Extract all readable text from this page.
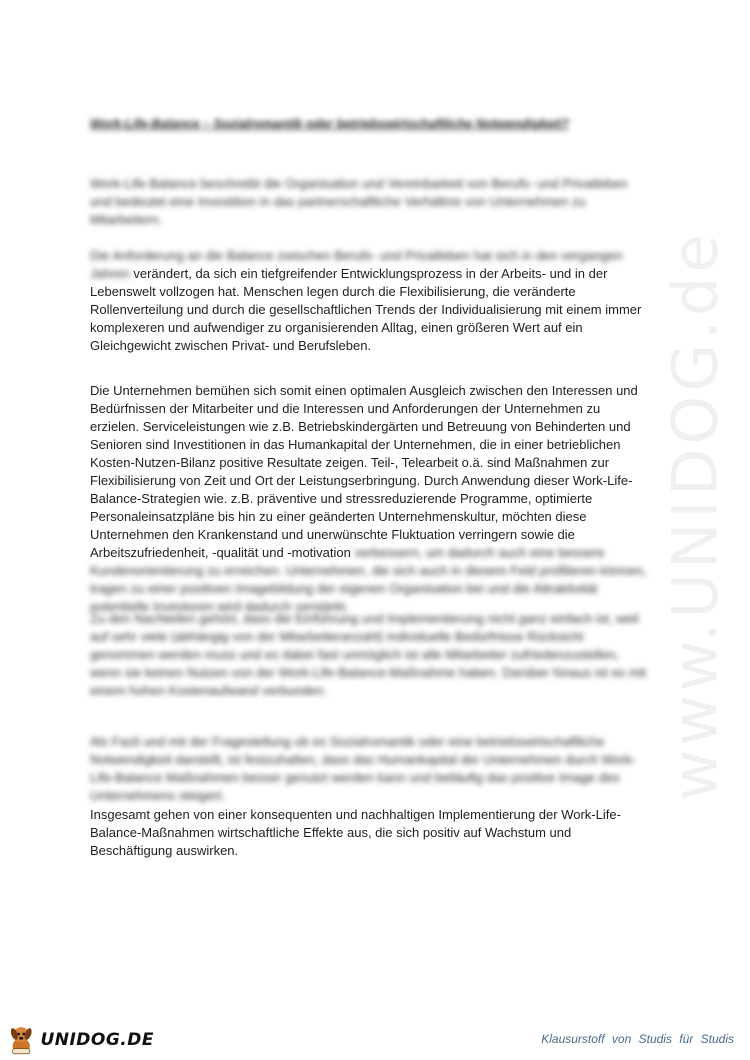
www.UNIDOG.de
Work-Life-Balance – Sozialromantik oder betriebswirtschaftliche Notwendigkeit?

Work-Life-Balance beschreibt die Organisation und Vereinbarkeit von Berufs- und Privatleben und bedeutet eine Investition in das partnerschaftliche Verhältnis von Unternehmen zu Mitarbeitern.

Die Anforderung an die Balance zwischen Berufs- und Privatleben hat sich in den vergangen Jahren verändert, da sich ein tiefgreifender Entwicklungsprozess in der Arbeits- und in der Lebenswelt vollzogen hat. Menschen legen durch die Flexibilisierung, die veränderte Rollenverteilung und durch die gesellschaftlichen Trends der Individualisierung mit einem immer komplexeren und aufwendiger zu organisierenden Alltag, einen größeren Wert auf ein Gleichgewicht zwischen Privat- und Berufsleben.

Die Unternehmen bemühen sich somit einen optimalen Ausgleich zwischen den Interessen und Bedürfnissen der Mitarbeiter und die Interessen und Anforderungen der Unternehmen zu erzielen. Serviceleistungen wie z.B. Betriebskindergärten und Betreuung von Behinderten und Senioren sind Investitionen in das Humankapital der Unternehmen, die in einer betrieblichen Kosten-Nutzen-Bilanz positive Resultate zeigen. Teil-, Telearbeit o.ä. sind Maßnahmen zur Flexibilisierung von Zeit und Ort der Leistungserbringung. Durch Anwendung dieser Work-Life-Balance-Strategien wie. z.B. präventive und stressreduzierende Programme, optimierte Personaleinsatzpläne bis hin zu einer geänderten Unternehmenskultur, möchten diese Unternehmen den Krankenstand und unerwünschte Fluktuation verringern sowie die Arbeitszufriedenheit, -qualität und -motivation verbessern, um dadurch auch eine bessere Kundenorientierung zu erreichen. Unternehmen, die sich auch in diesem Feld profilieren können, tragen zu einer positiven Imagebildung der eigenen Organisation bei und die Attraktivität potentielle Investoren wird dadurch verstärkt.

Zu den Nachteilen gehört, dass die Einführung und Implementierung nicht ganz einfach ist, weil auf sehr viele (abhängig von der Mitarbeiteranzahl) individuelle Bedürfnisse Rücksicht genommen werden muss und es dabei fast unmöglich ist alle Mitarbeiter zufriedenzustellen, wenn sie keinen Nutzen von der Work-Life-Balance-Maßnahme haben. Darüber hinaus ist es mit einem hohen Kostenaufwand verbunden.

Als Fazit und mit der Fragestellung ob es Sozialromantik oder eine betriebswirtschaftliche Notwendigkeit darstellt, ist festzuhalten, dass das Humankapital der Unternehmen durch Work-Life-Balance Maßnahmen besser genutzt werden kann und beiläufig das positive Image des Unternehmens steigert.

Insgesamt gehen von einer konsequenten und nachhaltigen Implementierung der Work-Life-Balance-Maßnahmen wirtschaftliche Effekte aus, die sich positiv auf Wachstum und Beschäftigung auswirken.

UNIDOG.DE	Klausurstoff von Studis für Studis
